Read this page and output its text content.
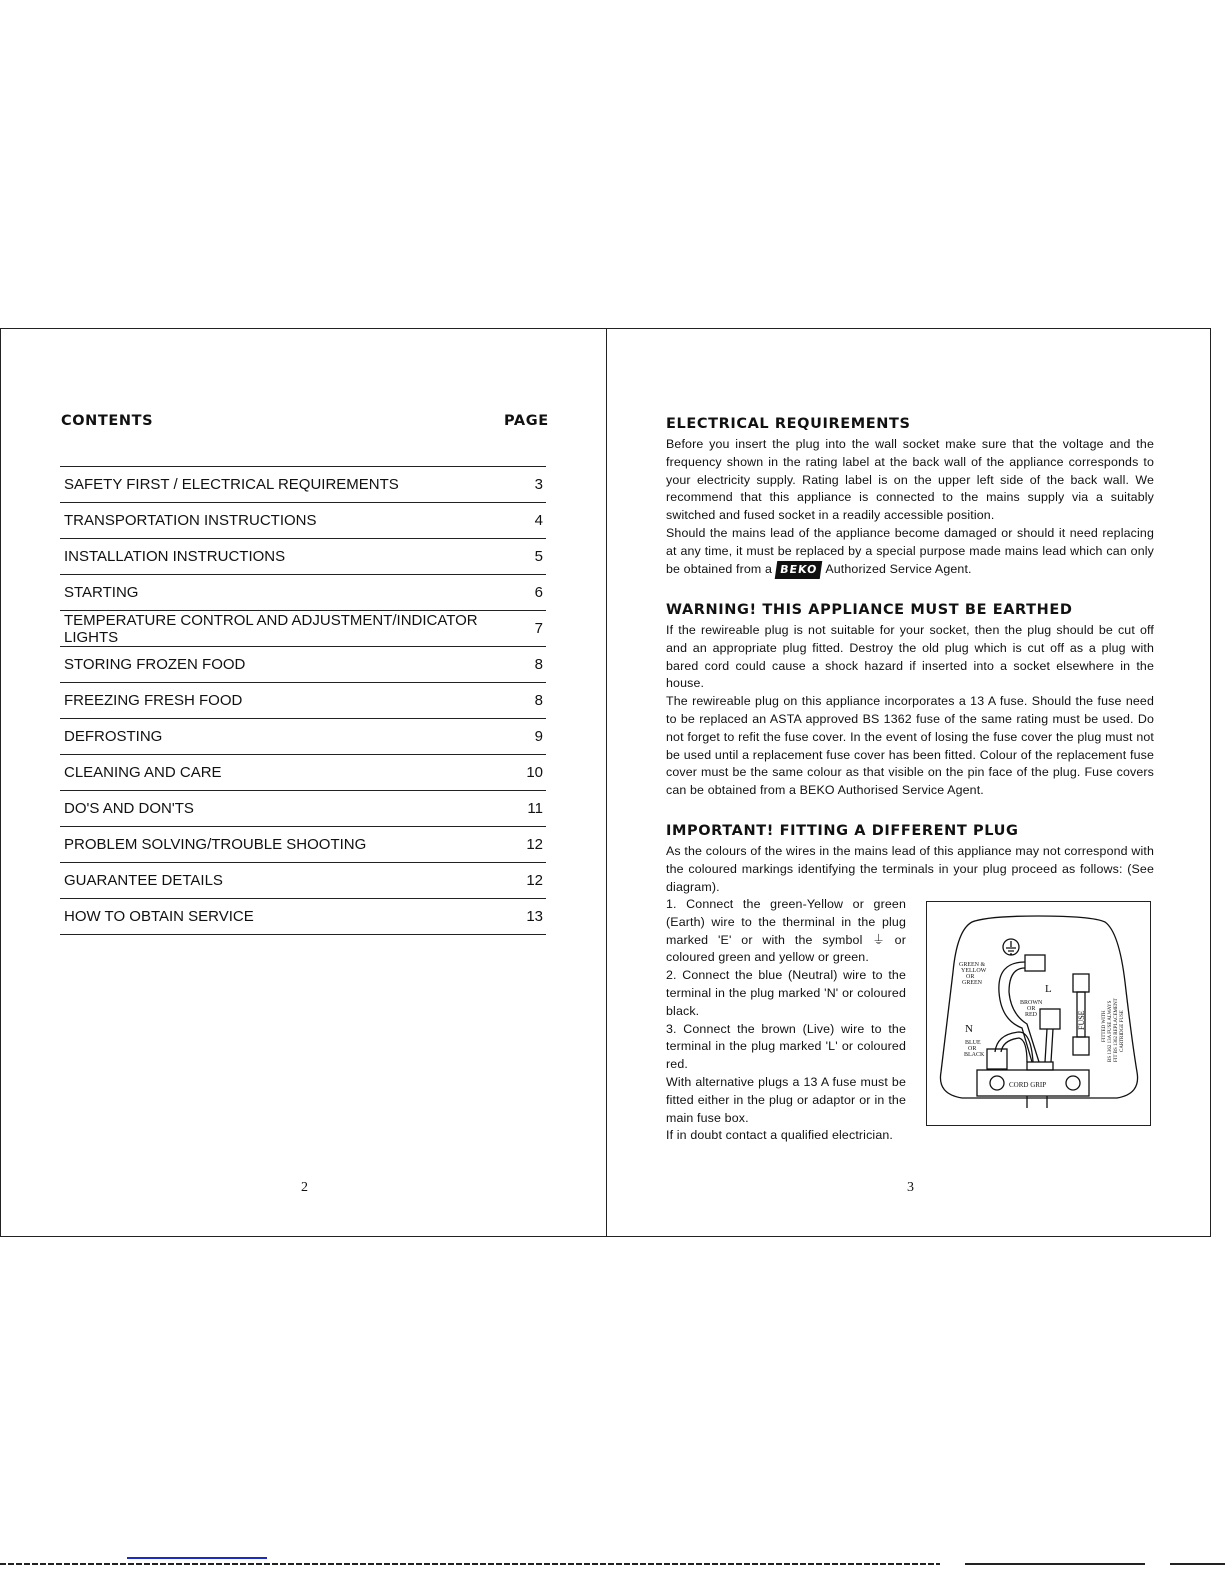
CONTENTS	PAGE
SAFETY FIRST / ELECTRICAL REQUIREMENTS	3
TRANSPORTATION INSTRUCTIONS	4
INSTALLATION INSTRUCTIONS	5
STARTING	6
TEMPERATURE CONTROL AND ADJUSTMENT/INDICATOR LIGHTS	7
STORING FROZEN FOOD	8
FREEZING FRESH FOOD	8
DEFROSTING	9
CLEANING AND CARE	10
DO'S AND DON'TS	11
PROBLEM SOLVING/TROUBLE SHOOTING	12
GUARANTEE DETAILS	12
HOW TO OBTAIN SERVICE	13
2
ELECTRICAL REQUIREMENTS

Before you insert the plug into the wall socket make sure that the voltage and the frequency shown in the rating label at the back wall of the appliance corresponds to your electricity supply. Rating label is on the upper left side of the back wall. We recommend that this appliance is connected to the mains supply via a suitably switched and fused socket in a readily accessible position.

Should the mains lead of the appliance become damaged or should it need replacing at any time, it must be replaced by a special purpose made mains lead which can only be obtained from a BEKO Authorized Service Agent.

WARNING! THIS APPLIANCE MUST BE EARTHED

If the rewireable plug is not suitable for your socket, then the plug should be cut off and an appropriate plug fitted. Destroy the old plug which is cut off as a plug with bared cord could cause a shock hazard if inserted into a socket elsewhere in the house.

The rewireable plug on this appliance incorporates a 13 A fuse. Should the fuse need to be replaced an ASTA approved BS 1362 fuse of the same rating must be used. Do not forget to refit the fuse cover. In the event of losing the fuse cover the plug must not be used until a replacement fuse cover has been fitted. Colour of the replacement fuse cover must be the same colour as that visible on the pin face of the plug. Fuse covers can be obtained from a BEKO Authorised Service Agent.

IMPORTANT! FITTING A DIFFERENT PLUG

As the colours of the wires in the mains lead of this appliance may not correspond with the coloured markings identifying the terminals in your plug proceed as follows: (See diagram).

1. Connect the green-Yellow or green (Earth) wire to the therminal in the plug marked 'E' or with the symbol ⏚ or coloured green and yellow or green.

2. Connect the blue (Neutral) wire to the terminal in the plug marked 'N' or coloured black.

3. Connect the brown (Live) wire to the terminal in the plug marked 'L' or coloured red.

With alternative plugs a 13 A fuse must be fitted either in the plug or adaptor or in the main fuse box.

If in doubt contact a qualified electrician.

GREEN &
YELLOW
OR
GREEN	L
BROWN
OR
RED
N
BLUE
OR
BLACK
CORD GRIP
FUSE	FITTED WITH BS 1362 13A FUSE ALWAYS FIT BS 1362 REPLACEMENT CARTRIDGE FUSE
3
